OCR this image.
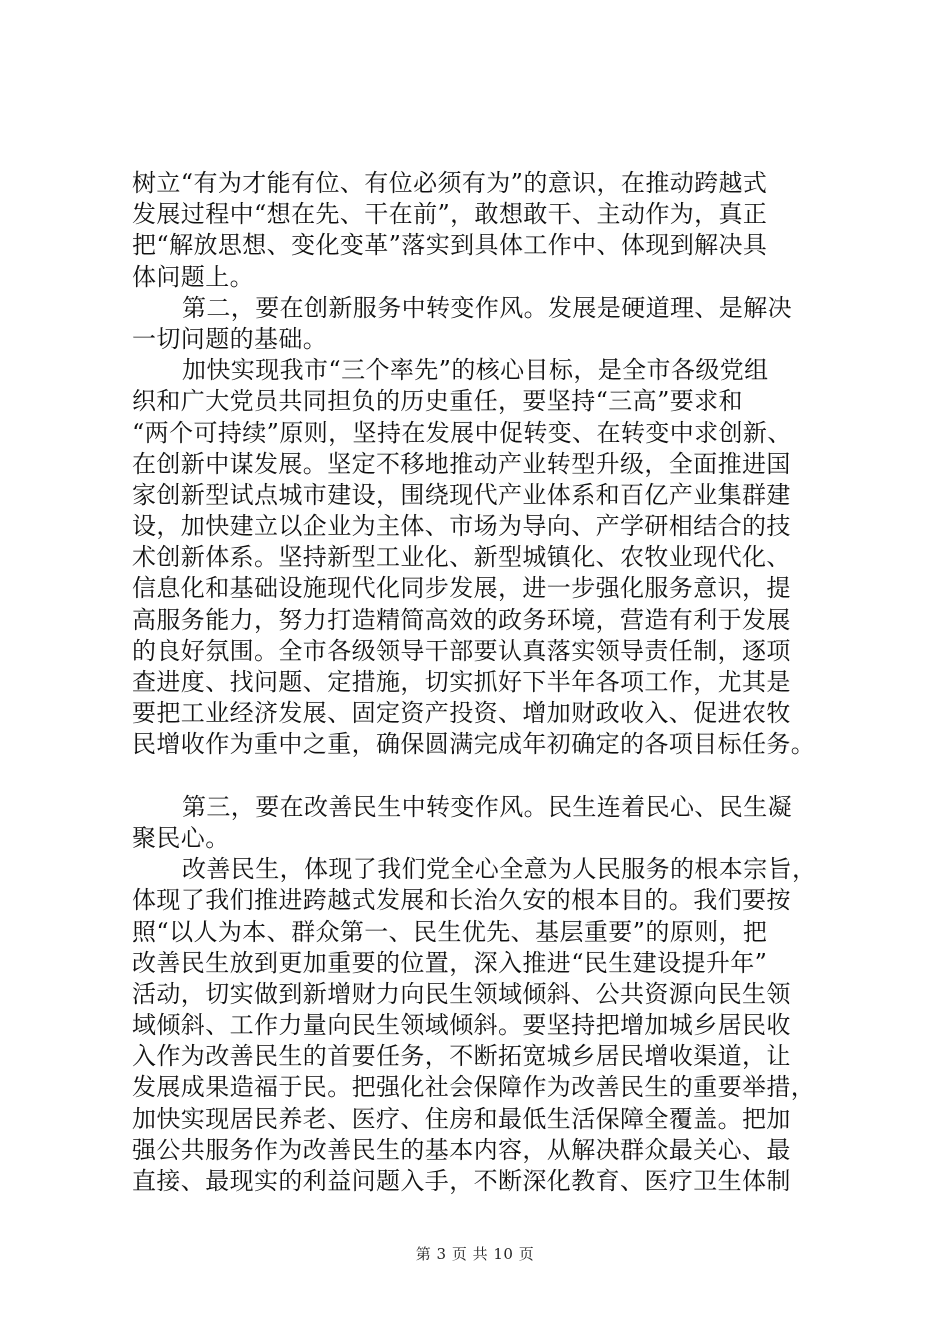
树立“有为才能有位、有位必须有为”的意识，在推动跨越式
发展过程中“想在先、干在前”，敢想敢干、主动作为，真正
把“解放思想、变化变革”落实到具体工作中、体现到解决具
体问题上。
第二，要在创新服务中转变作风。发展是硬道理、是解决
一切问题的基础。
加快实现我市“三个率先”的核心目标，是全市各级党组
织和广大党员共同担负的历史重任，要坚持“三高”要求和
“两个可持续”原则，坚持在发展中促转变、在转变中求创新、
在创新中谋发展。坚定不移地推动产业转型升级，全面推进国
家创新型试点城市建设，围绕现代产业体系和百亿产业集群建
设，加快建立以企业为主体、市场为导向、产学研相结合的技
术创新体系。坚持新型工业化、新型城镇化、农牧业现代化、
信息化和基础设施现代化同步发展，进一步强化服务意识，提
高服务能力，努力打造精简高效的政务环境，营造有利于发展
的良好氛围。全市各级领导干部要认真落实领导责任制，逐项
查进度、找问题、定措施，切实抓好下半年各项工作，尤其是
要把工业经济发展、固定资产投资、增加财政收入、促进农牧
民增收作为重中之重，确保圆满完成年初确定的各项目标任务。
第三，要在改善民生中转变作风。民生连着民心、民生凝
聚民心。
改善民生，体现了我们党全心全意为人民服务的根本宗旨，
体现了我们推进跨越式发展和长治久安的根本目的。我们要按
照“以人为本、群众第一、民生优先、基层重要”的原则，把
改善民生放到更加重要的位置，深入推进“民生建设提升年”
活动，切实做到新增财力向民生领域倾斜、公共资源向民生领
域倾斜、工作力量向民生领域倾斜。要坚持把增加城乡居民收
入作为改善民生的首要任务，不断拓宽城乡居民增收渠道，让
发展成果造福于民。把强化社会保障作为改善民生的重要举措，
加快实现居民养老、医疗、住房和最低生活保障全覆盖。把加
强公共服务作为改善民生的基本内容，从解决群众最关心、最
直接、最现实的利益问题入手，不断深化教育、医疗卫生体制
第 3 页 共 10 页
